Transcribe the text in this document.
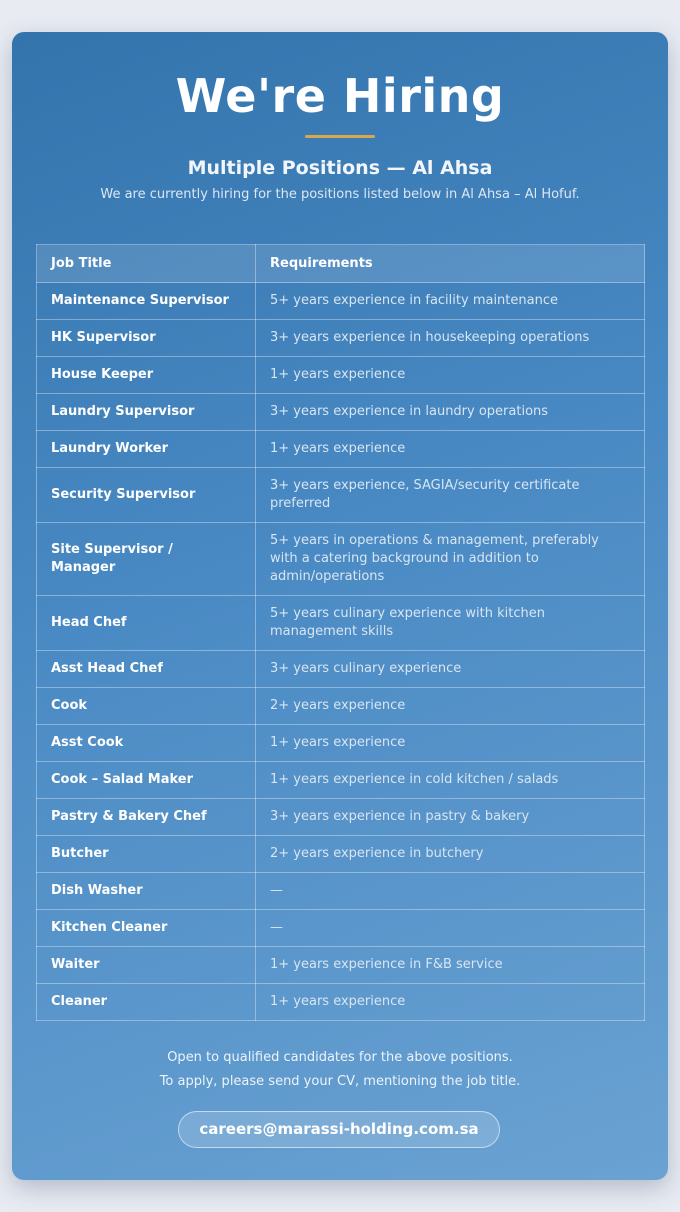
We're Hiring
Multiple Positions — Al Ahsa
We are currently hiring for the positions listed below in Al Ahsa – Al Hofuf.
Job Title	Requirements
Maintenance Supervisor	5+ years experience in facility maintenance
HK Supervisor	3+ years experience in housekeeping operations
House Keeper	1+ years experience
Laundry Supervisor	3+ years experience in laundry operations
Laundry Worker	1+ years experience
Security Supervisor	3+ years experience, SAGIA/security certificate preferred
Site Supervisor / Manager	5+ years in operations & management, preferably with a catering background in addition to admin/operations
Head Chef	5+ years culinary experience with kitchen management skills
Asst Head Chef	3+ years culinary experience
Cook	2+ years experience
Asst Cook	1+ years experience
Cook – Salad Maker	1+ years experience in cold kitchen / salads
Pastry & Bakery Chef	3+ years experience in pastry & bakery
Butcher	2+ years experience in butchery
Dish Washer	—
Kitchen Cleaner	—
Waiter	1+ years experience in F&B service
Cleaner	1+ years experience
Open to qualified candidates for the above positions.
To apply, please send your CV, mentioning the job title.
careers@marassi-holding.com.sa
